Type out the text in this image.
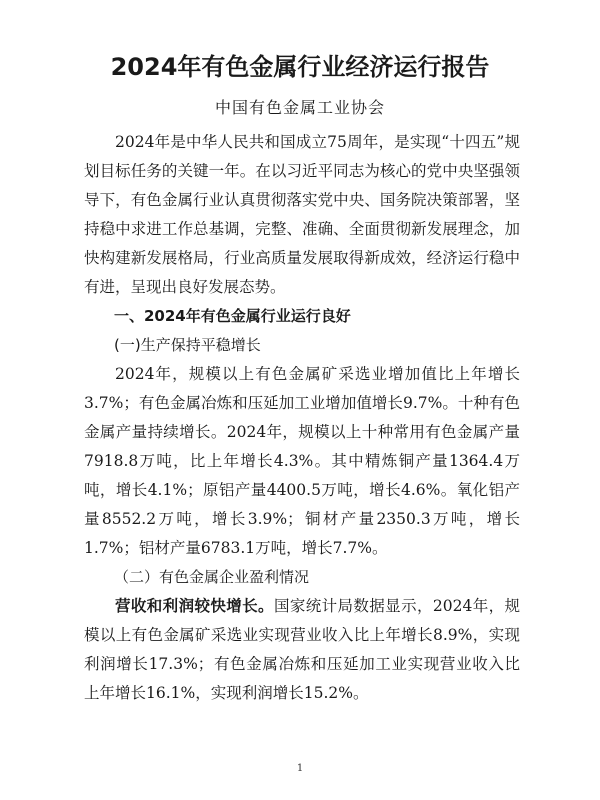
2024年有色金属行业经济运行报告
中国有色金属工业协会

2024年是中华人民共和国成立75周年，是实现“十四五”规划目标任务的关键一年。在以习近平同志为核心的党中央坚强领导下，有色金属行业认真贯彻落实党中央、国务院决策部署，坚持稳中求进工作总基调，完整、准确、全面贯彻新发展理念，加快构建新发展格局，行业高质量发展取得新成效，经济运行稳中有进，呈现出良好发展态势。

一、2024年有色金属行业运行良好

(一)生产保持平稳增长

2024年，规模以上有色金属矿采选业增加值比上年增长3.7%；有色金属冶炼和压延加工业增加值增长9.7%。十种有色金属产量持续增长。2024年，规模以上十种常用有色金属产量7918.8万吨，比上年增长4.3%。其中精炼铜产量1364.4万吨，增长4.1%；原铝产量4400.5万吨，增长4.6%。氧化铝产量8552.2万吨，增长3.9%；铜材产量2350.3万吨，增长1.7%；铝材产量6783.1万吨，增长7.7%。

（二）有色金属企业盈利情况

营收和利润较快增长。国家统计局数据显示，2024年，规模以上有色金属矿采选业实现营业收入比上年增长8.9%，实现利润增长17.3%；有色金属冶炼和压延加工业实现营业收入比上年增长16.1%，实现利润增长15.2%。

1
